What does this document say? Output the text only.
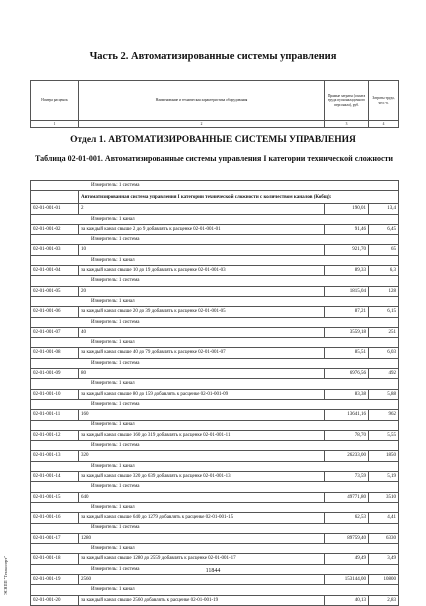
Часть 2. Автоматизированные системы управления
Номера расценок	Наименование и техническая характеристика оборудования	Прямые затраты (оплата труда пусконаладочного персонала), руб.	Затраты труда, чел.-ч.
1	2	3	4
Отдел 1. АВТОМАТИЗИРОВАННЫЕ СИСТЕМЫ УПРАВЛЕНИЯ
Таблица 02-01-001. Автоматизированные системы управления I категории технической сложности
Измеритель: 1 система			
	Автоматизированная система управления I категории технической сложности с количеством каналов (Кобщ):		
02-01-001-01	2	190,01	13,4
Измеритель: 1 канал			
02-01-001-02	за каждый канал свыше 2 до 9 добавлять к расценке 02-01-001-01	91,46	6,45
Измеритель: 1 система			
02-01-001-03	10	921,70	65
Измеритель: 1 канал			
02-01-001-04	за каждый канал свыше 10 до 19 добавлять к расценке 02-01-001-03	89,33	6,3
Измеритель: 1 система			
02-01-001-05	20	1815,04	128
Измеритель: 1 канал			
02-01-001-06	за каждый канал свыше 20 до 39 добавлять к расценке 02-01-001-05	87,21	6,15
Измеритель: 1 система			
02-01-001-07	40	3559,18	251
Измеритель: 1 канал			
02-01-001-08	за каждый канал свыше 40 до 79 добавлять к расценке 02-01-001-07	85,51	6,03
Измеритель: 1 система			
02-01-001-09	80	6976,56	492
Измеритель: 1 канал			
02-01-001-10	за каждый канал свыше 80 до 159 добавлять к расценке 02-01-001-09	83,38	5,88
Измеритель: 1 система			
02-01-001-11	160	13641,16	962
Измеритель: 1 канал			
02-01-001-12	за каждый канал свыше 160 до 319 добавлять к расценке 02-01-001-11	78,70	5,55
Измеритель: 1 система			
02-01-001-13	320	26233,00	1850
Измеритель: 1 канал			
02-01-001-14	за каждый канал свыше 320 до 639 добавлять к расценке 02-01-001-13	73,59	5,19
Измеритель: 1 система			
02-01-001-15	640	49771,80	3510
Измеритель: 1 канал			
02-01-001-16	за каждый канал свыше 640 до 1279 добавлять к расценке 02-01-001-15	62,53	4,41
Измеритель: 1 система			
02-01-001-17	1280	89759,40	6330
Измеритель: 1 канал			
02-01-001-18	за каждый канал свыше 1280 до 2559 добавлять к расценке 02-01-001-17	49,49	3,49
Измеритель: 1 система			
02-01-001-19	2560	153144,00	10800
Измеритель: 1 канал			
02-01-001-20	за каждый канал свыше 2560 добавлять к расценке 02-01-001-19	40,13	2,83
11844
ЭСНПП "Техэксперт"
